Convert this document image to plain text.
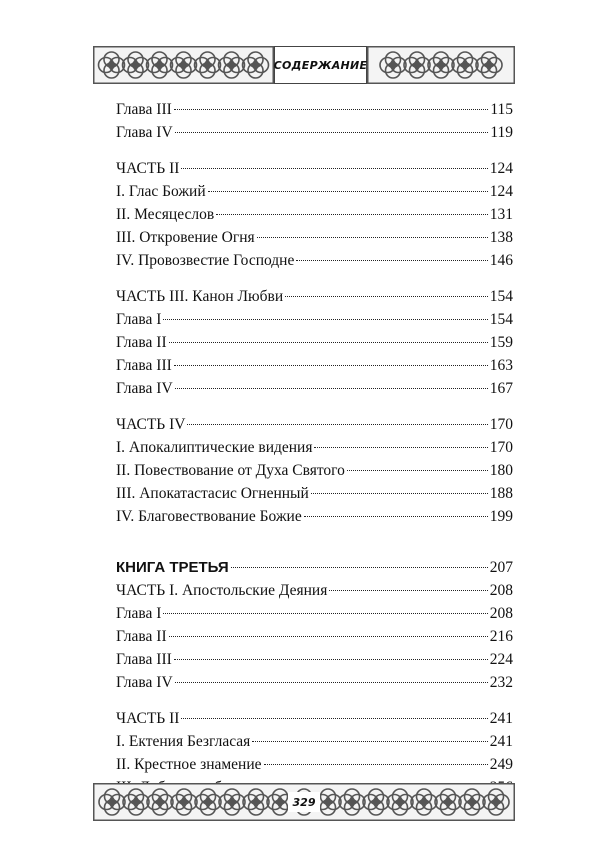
СОДЕРЖАНИЕ
Глава III	115
Глава IV	119
ЧАСТЬ II	124
I. Глас Божий	124
II. Месяцеслов	131
III. Откровение Огня	138
IV. Провозвестие Господне	146
ЧАСТЬ III. Канон Любви	154
Глава I	154
Глава II	159
Глава III	163
Глава IV	167
ЧАСТЬ IV	170
I. Апокалиптические видения	170
II. Повествование от Духа Святого	180
III. Апокатастасис Огненный	188
IV. Благовествование Божие	199
КНИГА ТРЕТЬЯ	207
ЧАСТЬ I. Апостольские Деяния	208
Глава I	208
Глава II	216
Глава III	224
Глава IV	232
ЧАСТЬ II	241
I. Ектения Безгласая	241
II. Крестное знамение	249
329
